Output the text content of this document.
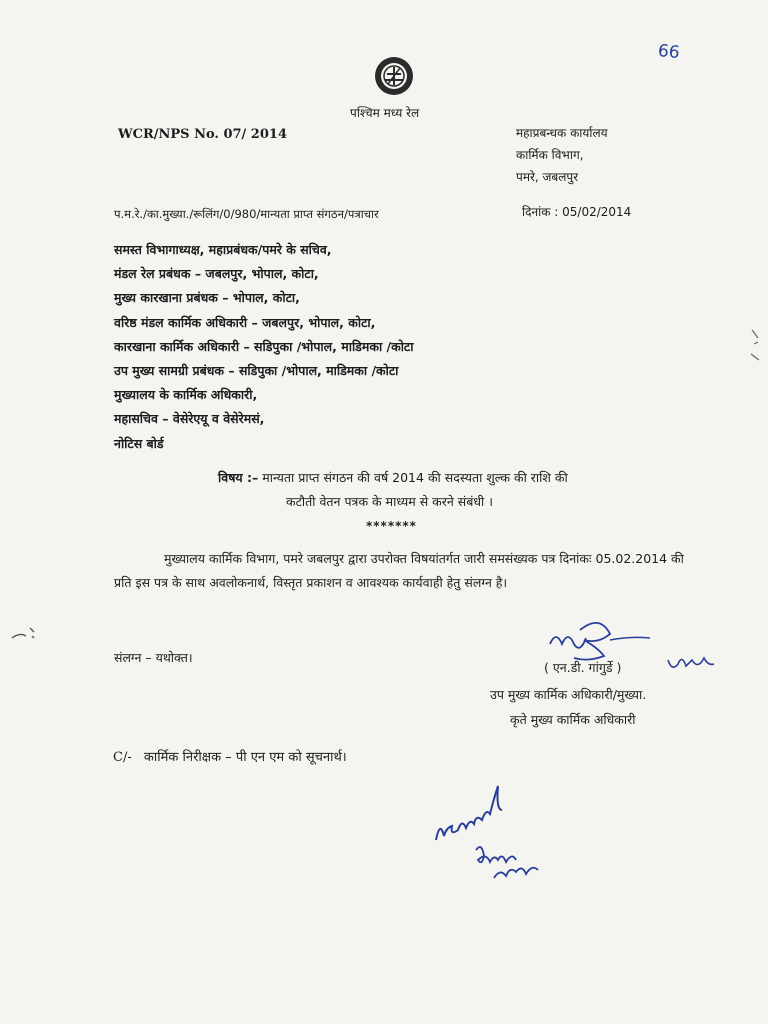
66
पश्चिम मध्य रेल
WCR/NPS No. 07/ 2014	महाप्रबन्धक कार्यालय
कार्मिक विभाग,
पमरे, जबलपुर
प.म.रे./का.मुख्या./रूलिंग/0/980/मान्यता प्राप्त संगठन/पत्राचार	दिनांक : 05/02/2014
समस्त विभागाध्यक्ष, महाप्रबंधक/पमरे के सचिव,
मंडल रेल प्रबंधक – जबलपुर, भोपाल, कोटा,
मुख्य कारखाना प्रबंधक – भोपाल, कोटा,
वरिष्ठ मंडल कार्मिक अधिकारी – जबलपुर, भोपाल, कोटा,
कारखाना कार्मिक अधिकारी – सडिपुका /भोपाल, माडिमका /कोटा
उप मुख्य सामग्री प्रबंधक – सडिपुका /भोपाल, माडिमका /कोटा
मुख्यालय के कार्मिक अधिकारी,
महासचिव – वेसेरेएयू व वेसेरेमसं,
नोटिस बोर्ड
विषय :– मान्यता प्राप्त संगठन की वर्ष 2014 की सदस्यता शुल्क की राशि की
कटौती वेतन पत्रक के माध्यम से करने संबंधी ।
*******
मुख्यालय कार्मिक विभाग, पमरे जबलपुर द्वारा उपरोक्त विषयांतर्गत जारी समसंख्यक पत्र दिनांकः 05.02.2014 की प्रति इस पत्र के साथ अवलोकनार्थ, विस्तृत प्रकाशन व आवश्यक कार्यवाही हेतु संलग्न है।
संलग्न – यथोक्त।
( एन.डी. गांगुर्डे )
उप मुख्य कार्मिक अधिकारी/मुख्या.
कृते मुख्य कार्मिक अधिकारी
C/- कार्मिक निरीक्षक – पी एन एम को सूचनार्थ।
